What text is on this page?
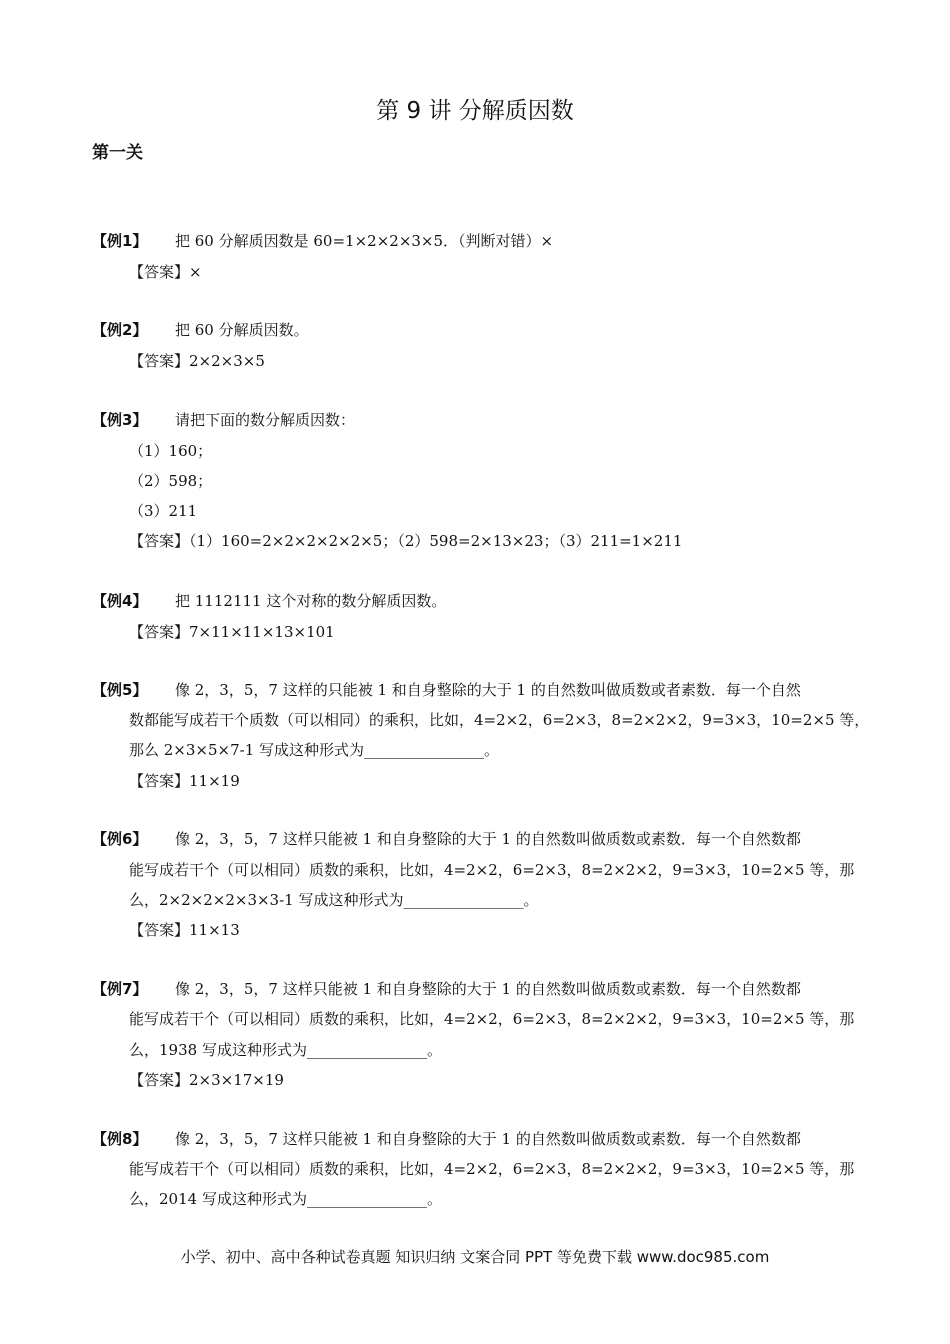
第 9 讲 分解质因数
第一关
【例1】 把 60 分解质因数是 60=1×2×2×3×5．（判断对错）×
【答案】×
【例2】 把 60 分解质因数。
【答案】2×2×3×5
【例3】 请把下面的数分解质因数：
（1）160；
（2）598；
（3）211
【答案】（1）160=2×2×2×2×2×5；（2）598=2×13×23；（3）211=1×211
【例4】 把 1112111 这个对称的数分解质因数。
【答案】7×11×11×13×101
【例5】 像 2，3，5，7 这样的只能被 1 和自身整除的大于 1 的自然数叫做质数或者素数．每一个自然
数都能写成若干个质数（可以相同）的乘积，比如，4=2×2，6=2×3，8=2×2×2，9=3×3，10=2×5 等，
那么 2×3×5×7-1 写成这种形式为________________。
【答案】11×19
【例6】 像 2，3，5，7 这样只能被 1 和自身整除的大于 1 的自然数叫做质数或素数．每一个自然数都
能写成若干个（可以相同）质数的乘积，比如，4=2×2，6=2×3，8=2×2×2，9=3×3，10=2×5 等，那
么，2×2×2×2×3×3-1 写成这种形式为________________。
【答案】11×13
【例7】 像 2，3，5，7 这样只能被 1 和自身整除的大于 1 的自然数叫做质数或素数．每一个自然数都
能写成若干个（可以相同）质数的乘积，比如，4=2×2，6=2×3，8=2×2×2，9=3×3，10=2×5 等，那
么，1938 写成这种形式为________________。
【答案】2×3×17×19
【例8】 像 2，3，5，7 这样只能被 1 和自身整除的大于 1 的自然数叫做质数或素数．每一个自然数都
能写成若干个（可以相同）质数的乘积，比如，4=2×2，6=2×3，8=2×2×2，9=3×3，10=2×5 等，那
么，2014 写成这种形式为________________。
小学、初中、高中各种试卷真题 知识归纳 文案合同 PPT 等免费下载 www.doc985.com
